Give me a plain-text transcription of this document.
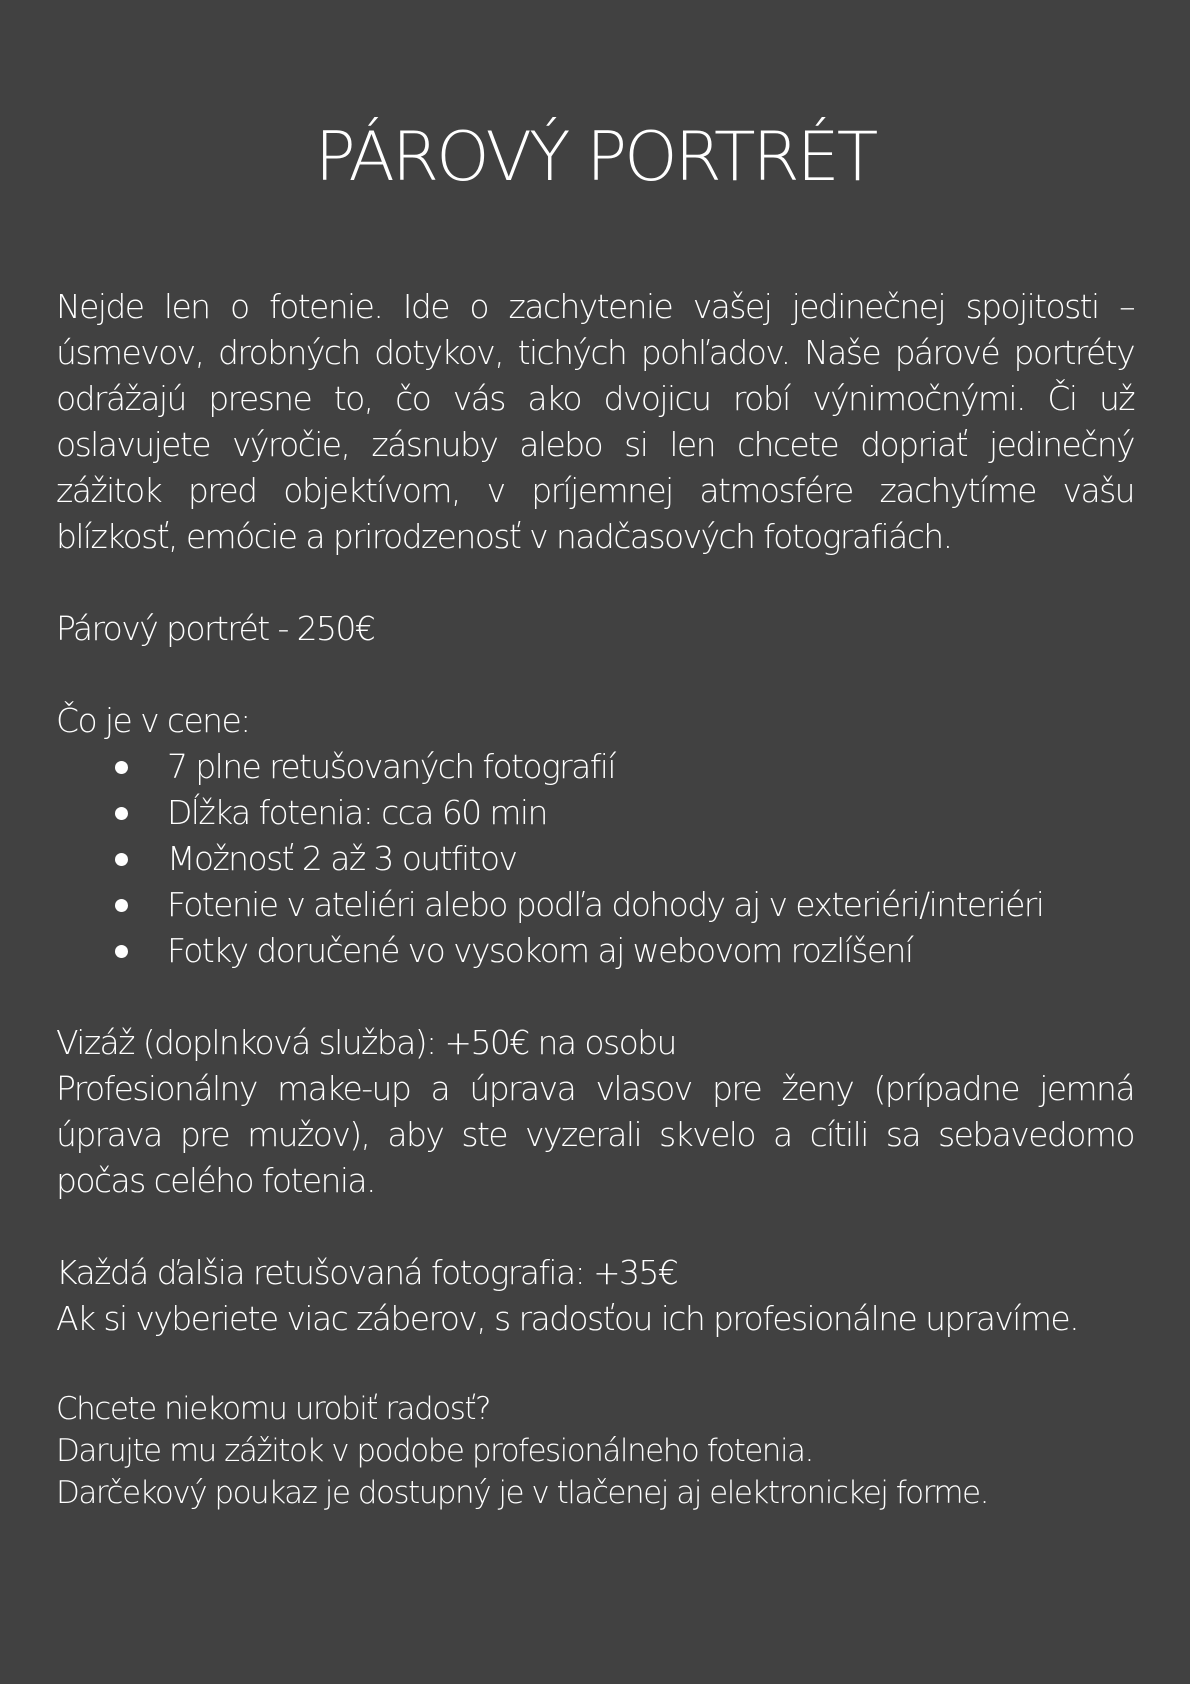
PÁROVÝ PORTRÉT

Nejde len o fotenie. Ide o zachytenie vašej jedinečnej spojitosti – úsmevov, drobných dotykov, tichých pohľadov. Naše párové portréty odrážajú presne to, čo vás ako dvojicu robí výnimočnými. Či už oslavujete výročie, zásnuby alebo si len chcete dopriať jedinečný zážitok pred objektívom, v príjemnej atmosfére zachytíme vašu blízkosť, emócie a prirodzenosť v nadčasových fotografiách.

Párový portrét - 250€

Čo je v cene:

7 plne retušovaných fotografií
Dĺžka fotenia: cca 60 min
Možnosť 2 až 3 outfitov
Fotenie v ateliéri alebo podľa dohody aj v exteriéri/interiéri
Fotky doručené vo vysokom aj webovom rozlíšení

Vizáž (doplnková služba): +50€ na osobu

Profesionálny make-up a úprava vlasov pre ženy (prípadne jemná úprava pre mužov), aby ste vyzerali skvelo a cítili sa sebavedomo počas celého fotenia.

Každá ďalšia retušovaná fotografia: +35€

Ak si vyberiete viac záberov, s radosťou ich profesionálne upravíme.

Chcete niekomu urobiť radosť?

Darujte mu zážitok v podobe profesionálneho fotenia.

Darčekový poukaz je dostupný je v tlačenej aj elektronickej forme.
